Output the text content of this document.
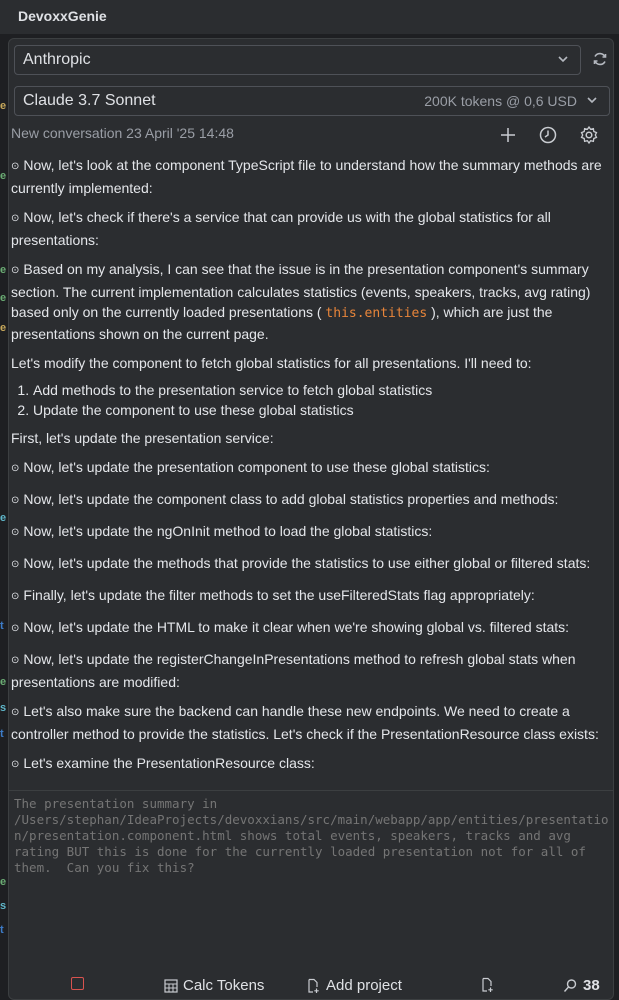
DevoxxGenie
e
e
e
e
e
e
t
e
s
t
e
s
t
Anthropic
Claude 3.7 Sonnet	200K tokens @ 0,6 USD
New conversation 23 April '25 14:48

⊙ Now, let's look at the component TypeScript file to understand how the summary methods are currently implemented:

⊙ Now, let's check if there's a service that can provide us with the global statistics for all presentations:

⊙ Based on my analysis, I can see that the issue is in the presentation component's summary section. The current implementation calculates statistics (events, speakers, tracks, avg rating) based only on the currently loaded presentations ( this.entities ), which are just the presentations shown on the current page.

Let's modify the component to fetch global statistics for all presentations. I'll need to:

1. Add methods to the presentation service to fetch global statistics
2. Update the component to use these global statistics

First, let's update the presentation service:

⊙ Now, let's update the presentation component to use these global statistics:

⊙ Now, let's update the component class to add global statistics properties and methods:

⊙ Now, let's update the ngOnInit method to load the global statistics:

⊙ Now, let's update the methods that provide the statistics to use either global or filtered stats:

⊙ Finally, let's update the filter methods to set the useFilteredStats flag appropriately:

⊙ Now, let's update the HTML to make it clear when we're showing global vs. filtered stats:

⊙ Now, let's update the registerChangeInPresentations method to refresh global stats when presentations are modified:

⊙ Let's also make sure the backend can handle these new endpoints. We need to create a controller method to provide the statistics. Let's check if the PresentationResource class exists:

⊙ Let's examine the PresentationResource class:

The presentation summary in /Users/stephan/IdeaProjects/devoxxians/src/main/webapp/app/entities/presentation/presentation.component.html shows total events, speakers, tracks and avg rating BUT this is done for the currently loaded presentation not for all of them. Can you fix this?
Calc Tokens	Add project	38
